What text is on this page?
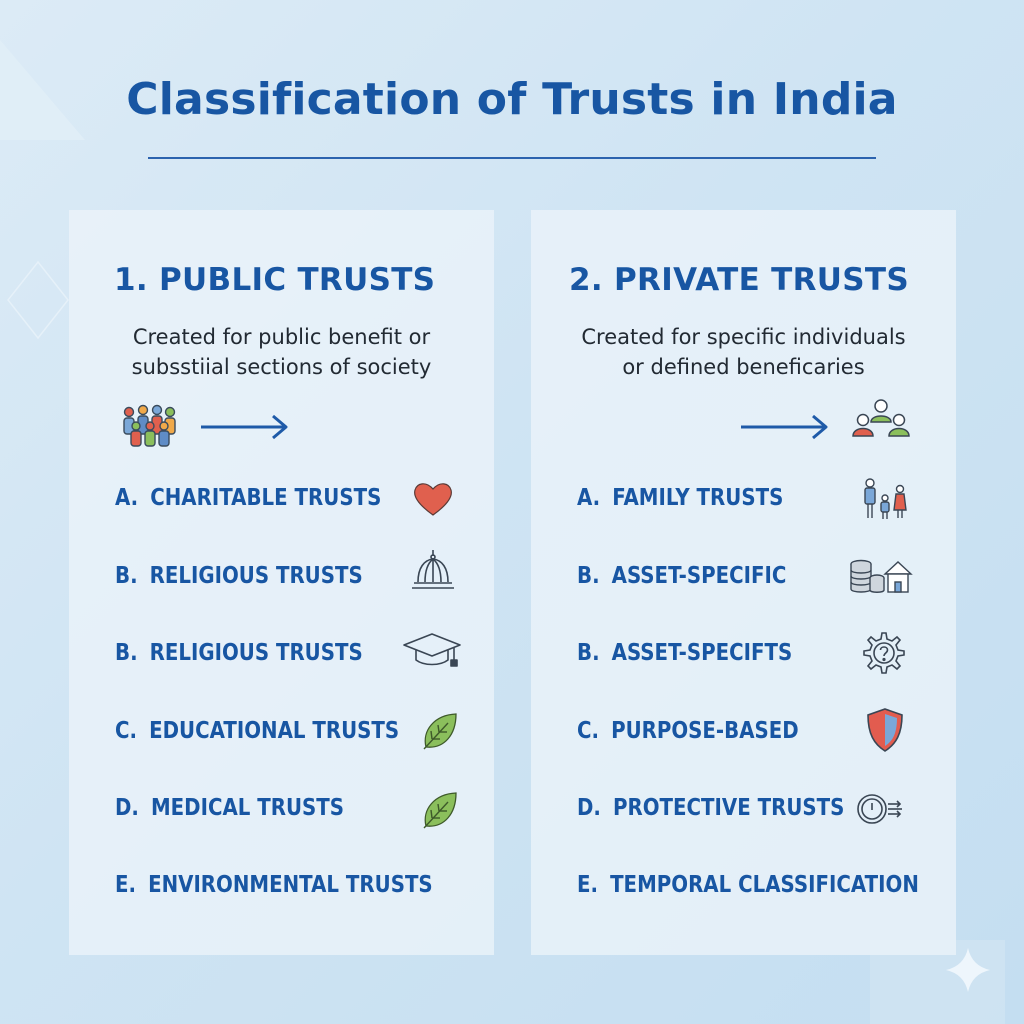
Classification of Trusts in India
1. PUBLIC TRUSTS
Created for public benefit or
subsstiial sections of society
A. CHARITABLE TRUSTS
B. RELIGIOUS TRUSTS
B. RELIGIOUS TRUSTS
C. EDUCATIONAL TRUSTS
D. MEDICAL TRUSTS
E. ENVIRONMENTAL TRUSTS
2. PRIVATE TRUSTS
Created for specific individuals
or defined beneficaries
A. FAMILY TRUSTS
B. ASSET-SPECIFIC
B. ASSET-SPECIFTS
C. PURPOSE-BASED
D. PROTECTIVE TRUSTS
E. TEMPORAL CLASSIFICATION
